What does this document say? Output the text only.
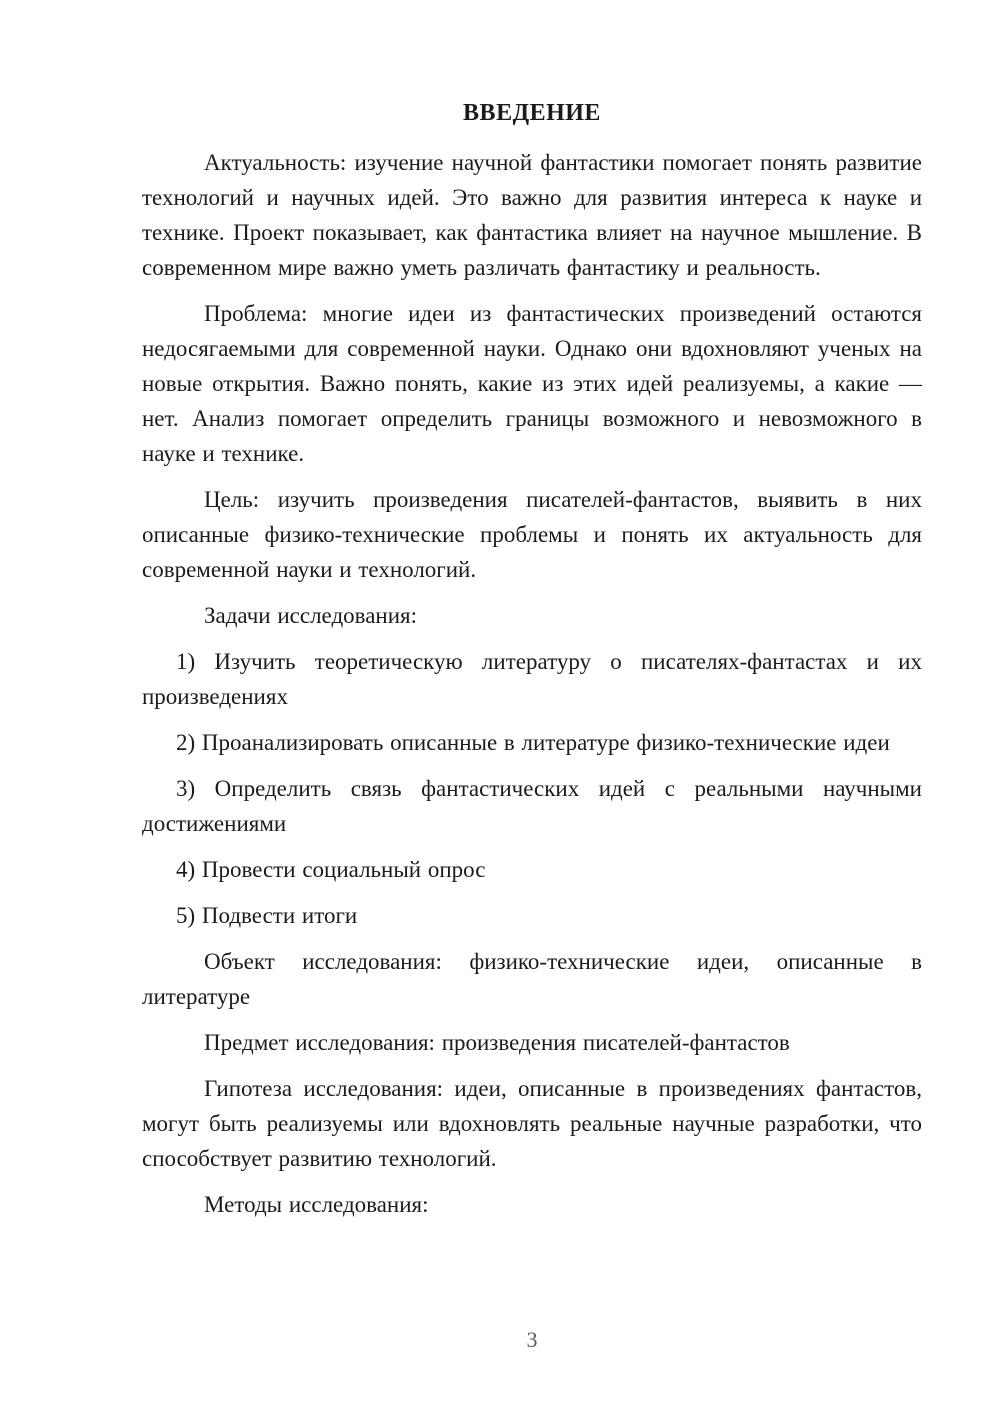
ВВЕДЕНИЕ

Актуальность: изучение научной фантастики помогает понять развитие технологий и научных идей. Это важно для развития интереса к науке и технике. Проект показывает, как фантастика влияет на научное мышление. В современном мире важно уметь различать фантастику и реальность.

Проблема: многие идеи из фантастических произведений остаются недосягаемыми для современной науки. Однако они вдохновляют ученых на новые открытия. Важно понять, какие из этих идей реализуемы, а какие — нет. Анализ помогает определить границы возможного и невозможного в науке и технике.

Цель: изучить произведения писателей-фантастов, выявить в них описанные физико-технические проблемы и понять их актуальность для современной науки и технологий.

Задачи исследования:

1) Изучить теоретическую литературу о писателях-фантастах и их произведениях

2) Проанализировать описанные в литературе физико-технические идеи

3) Определить связь фантастических идей с реальными научными достижениями

4) Провести социальный опрос

5) Подвести итоги

Объект исследования: физико-технические идеи, описанные в литературе

Предмет исследования: произведения писателей-фантастов

Гипотеза исследования: идеи, описанные в произведениях фантастов, могут быть реализуемы или вдохновлять реальные научные разработки, что способствует развитию технологий.

Методы исследования:

3
